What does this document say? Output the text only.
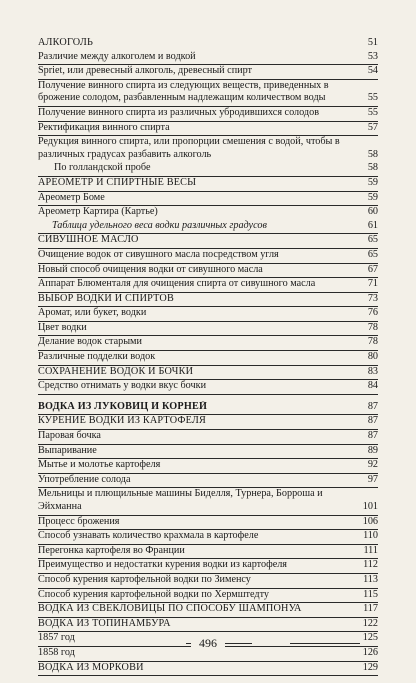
АЛКОГОЛЬ	51
Различие между алкоголем и водкой	53
Spriet, или древесный алкоголь, древесный спирт	54
Получение винного спирта из следующих веществ, приведенных в брожение солодом, разбавленным надлежащим количеством воды	55
Получение винного спирта из различных убродившихся солодов	55
Ректификация винного спирта	57
Редукция винного спирта, или пропорции смешения с водой, чтобы в различных градусах разбавить алкоголь	58
По голландской пробе	58
АРЕОМЕТР И СПИРТНЫЕ ВЕСЫ	59
Ареометр Боме	59
Ареометр Картира (Картье)	60
Таблица удельного веса водки различных градусов	61
СИВУШНОЕ МАСЛО	65
Очищение водок от сивушного масла посредством угля	65
Новый способ очищения водки от сивушного масла	67
Аппарат Блюменталя для очищения спирта от сивушного масла	71
ВЫБОР ВОДКИ И СПИРТОВ	73
Аромат, или букет, водки	76
Цвет водки	78
Делание водок старыми	78
Различные подделки водок	80
СОХРАНЕНИЕ ВОДОК И БОЧКИ	83
Средство отнимать у водки вкус бочки	84
ВОДКА ИЗ ЛУКОВИЦ И КОРНЕЙ	87
КУРЕНИЕ ВОДКИ ИЗ КАРТОФЕЛЯ	87
Паровая бочка	87
Выпаривание	89
Мытье и молотье картофеля	92
Употребление солода	97
Мельницы и плющильные машины Биделля, Турнера, Борроша и Эйхманна	101
Процесс брожения	106
Способ узнавать количество крахмала в картофеле	110
Перегонка картофеля во Франции	111
Преимущество и недостатки курения водки из картофеля	112
Способ курения картофельной водки по Зименсу	113
Способ курения картофельной водки по Хермштедту	115
ВОДКА ИЗ СВЕКЛОВИЦЫ ПО СПОСОБУ ШАМПОНУА	117
ВОДКА ИЗ ТОПИНАМБУРА	122
1857 год	125
1858 год	126
ВОДКА ИЗ МОРКОВИ	129
496
